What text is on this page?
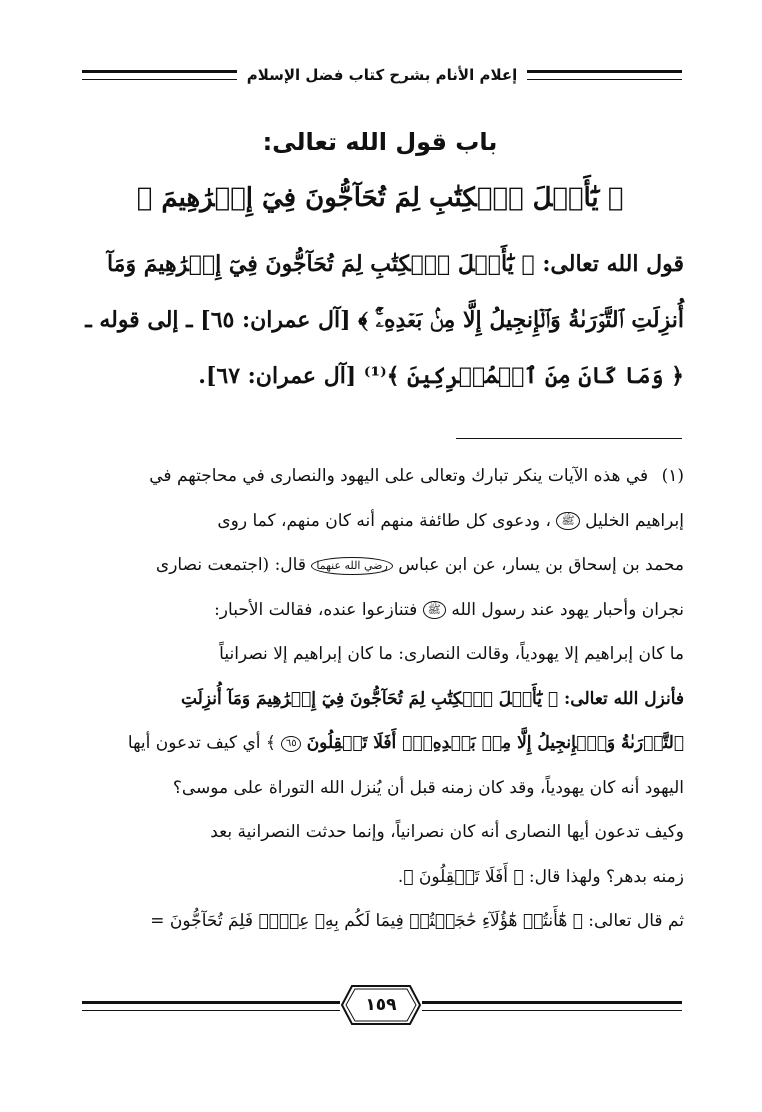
إعلام الأنام بشرح كتاب فضل الإسلام
باب قول الله تعالى:
﴿ يَٰٓأَهۡلَ ٱلۡكِتَٰبِ لِمَ تُحَآجُّونَ فِيٓ إِبۡرَٰهِيمَ ﴾
قول الله تعالى: ﴿ يَٰٓأَهۡلَ ٱلۡكِتَٰبِ لِمَ تُحَآجُّونَ فِيٓ إِبۡرَٰهِيمَ وَمَآ
أُنزِلَتِ ٱلتَّوۡرَىٰةُ وَٱلۡإِنجِيلُ إِلَّا مِنۢ بَعۡدِهِۦٓۚ ﴾ [آل عمران: ٦٥] ـ إلى قوله ـ
﴿ وَمَا كَانَ مِنَ ٱلۡمُشۡرِكِينَ ﴾⁽¹⁾ [آل عمران: ٦٧].
(١) في هذه الآيات ينكر تبارك وتعالى على اليهود والنصارى في محاجتهم في
إبراهيم الخليل ﷺ ، ودعوى كل طائفة منهم أنه كان منهم، كما روى
محمد بن إسحاق بن يسار، عن ابن عباس رضي الله عنهما قال: (اجتمعت نصارى
نجران وأحبار يهود عند رسول الله ﷺ فتنازعوا عنده، فقالت الأحبار:
ما كان إبراهيم إلا يهودياً، وقالت النصارى: ما كان إبراهيم إلا نصرانياً
فأنزل الله تعالى: ﴿ يَٰٓأَهۡلَ ٱلۡكِتَٰبِ لِمَ تُحَآجُّونَ فِيٓ إِبۡرَٰهِيمَ وَمَآ أُنزِلَتِ
ٱلتَّوۡرَىٰةُ وَٱلۡإِنجِيلُ إِلَّا مِنۢ بَعۡدِهِۦٓۚ أَفَلَا تَعۡقِلُونَ ٦٥ ﴾ أي كيف تدعون أيها
اليهود أنه كان يهودياً، وقد كان زمنه قبل أن يُنزل الله التوراة على موسى؟
وكيف تدعون أيها النصارى أنه كان نصرانياً، وإنما حدثت النصرانية بعد
زمنه بدهر؟ ولهذا قال: ﴿ أَفَلَا تَعۡقِلُونَ ﴾.
ثم قال تعالى: ﴿ هَٰٓأَنتُمۡ هَٰٓؤُلَآءِ حَٰجَجۡتُمۡ فِيمَا لَكُم بِهِۦ عِلۡمٞ فَلِمَ تُحَآجُّونَ =
١٥٩
